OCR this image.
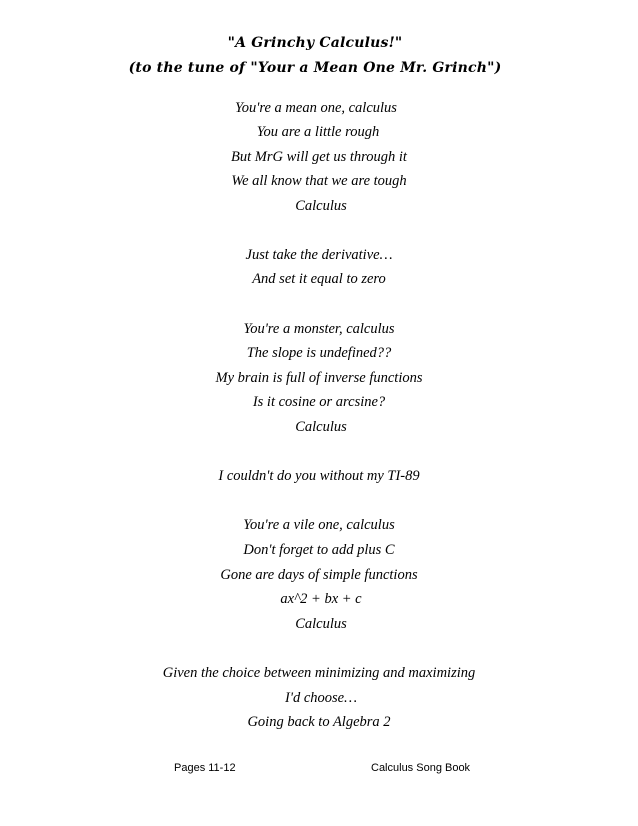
"A Grinchy Calculus!"
(to the tune of "Your a Mean One Mr. Grinch")
You're a mean one, calculus
You are a little rough
But MrG will get us through it
We all know that we are tough
Calculus
Just take the derivative…
And set it equal to zero
You're a monster, calculus
The slope is undefined??
My brain is full of inverse functions
Is it cosine or arcsine?
Calculus
I couldn't do you without my TI-89
You're a vile one, calculus
Don't forget to add plus C
Gone are days of simple functions
ax^2 + bx + c
Calculus
Given the choice between minimizing and maximizing
I'd choose…
Going back to Algebra 2
Pages 11-12	Calculus Song Book
